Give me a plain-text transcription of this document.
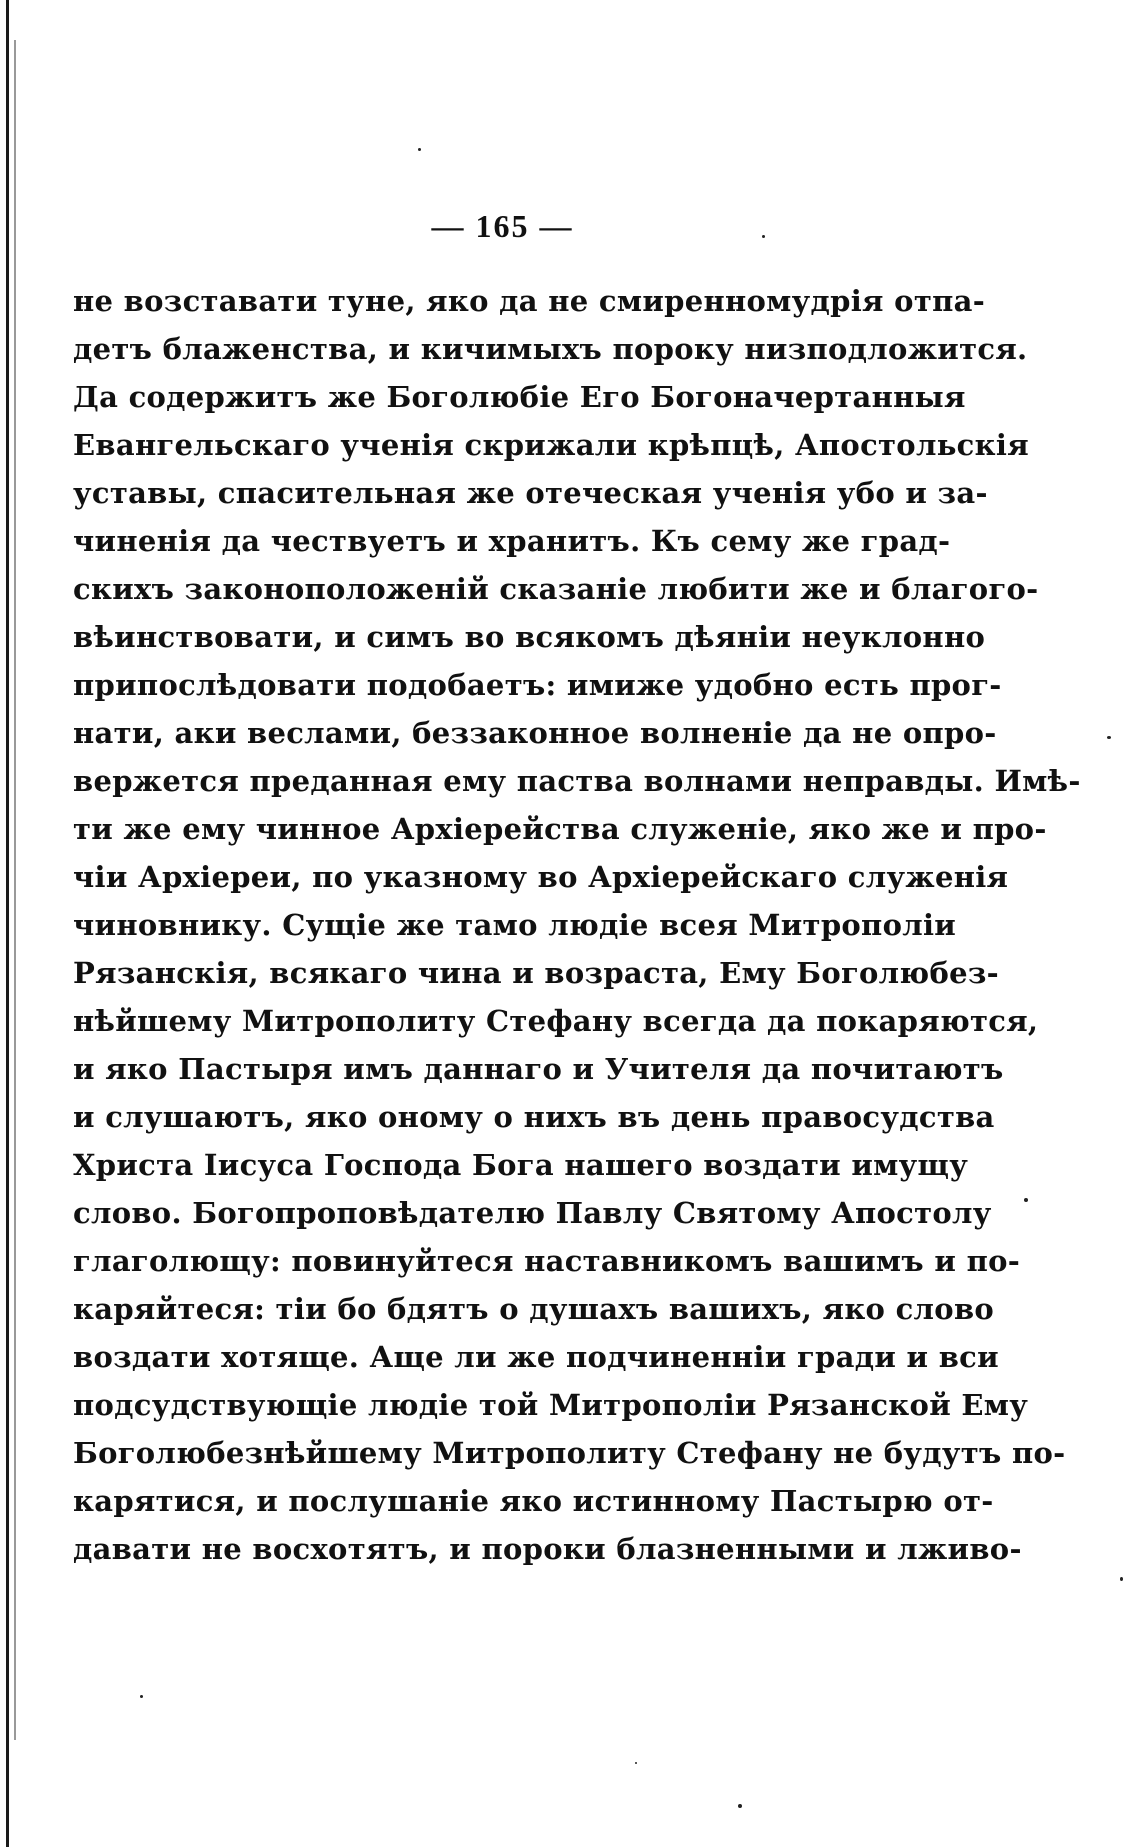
— 165 —
не возставати туне, яко да не смиренномудрія отпа-
детъ блаженства, и кичимыхъ пороку низподложится.
Да содержитъ же Боголюбіе Его Богоначертанныя
Евангельскаго ученія скрижали крѣпцѣ, Апостольскія
уставы, спасительная же отеческая ученія убо и за-
чиненія да чествуетъ и хранитъ. Къ сему же град-
скихъ законоположеній сказаніе любити же и благого-
вѣинствовати, и симъ во всякомъ дѣяніи неуклонно
припослѣдовати подобаетъ: имиже удобно есть прог-
нати, аки веслами, беззаконное волненіе да не опро-
вержется преданная ему паства волнами неправды. Имѣ-
ти же ему чинное Архіерейства служеніе, яко же и про-
чіи Архіереи, по указному во Архіерейскаго служенія
чиновнику. Сущіе же тамо людіе всея Митрополіи
Рязанскія, всякаго чина и возраста, Ему Боголюбез-
нѣйшему Митрополиту Стефану всегда да покаряются,
и яко Пастыря имъ даннаго и Учителя да почитаютъ
и слушаютъ, яко оному о нихъ въ день правосудства
Христа Іисуса Господа Бога нашего воздати имущу
слово. Богопроповѣдателю Павлу Святому Апостолу
глаголющу: повинуйтеся наставникомъ вашимъ и по-
каряйтеся: тіи бо бдятъ о душахъ вашихъ, яко слово
воздати хотяще. Аще ли же подчиненніи гради и вси
подсудствующіе людіе той Митрополіи Рязанской Ему
Боголюбезнѣйшему Митрополиту Стефану не будутъ по-
карятися, и послушаніе яко истинному Пастырю от-
давати не восхотятъ, и пороки блазненными и лживо-
